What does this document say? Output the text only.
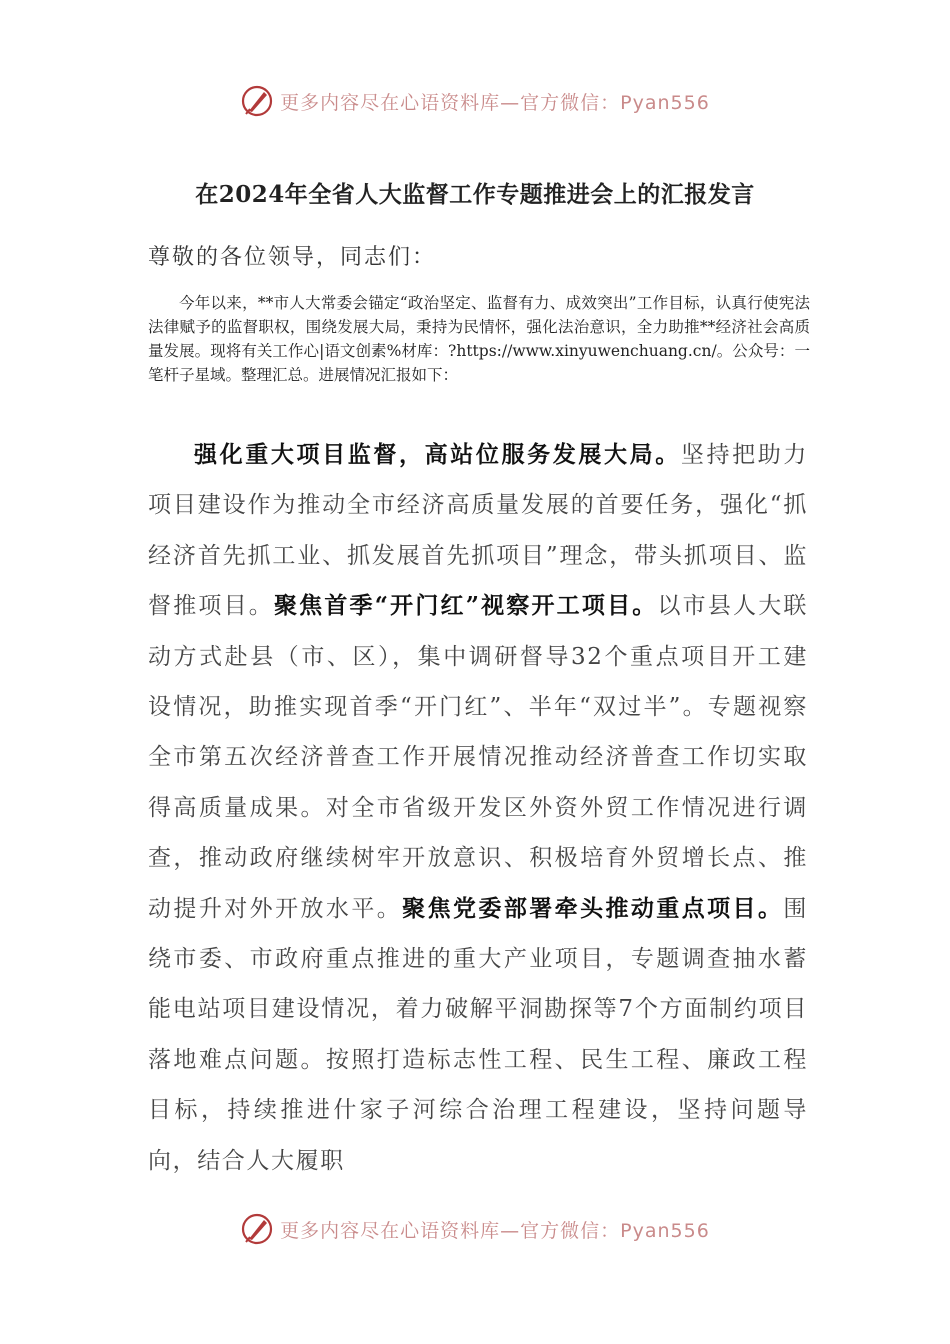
更多内容尽在心语资料库—官方微信：Pyan556
在2024年全省人大监督工作专题推进会上的汇报发言
尊敬的各位领导，同志们：
今年以来，**市人大常委会锚定“政治坚定、监督有力、成效突出”工作目标，认真行使宪法法律赋予的监督职权，围绕发展大局，秉持为民情怀，强化法治意识，全力助推**经济社会高质量发展。现将有关工作心|语文创素%材库：?https://www.xinyuwenchuang.cn/。公众号：一笔杆子星域。整理汇总。进展情况汇报如下：
强化重大项目监督，高站位服务发展大局。坚持把助力项目建设作为推动全市经济高质量发展的首要任务，强化“抓经济首先抓工业、抓发展首先抓项目”理念，带头抓项目、监督推项目。聚焦首季“开门红”视察开工项目。以市县人大联动方式赴县（市、区），集中调研督导32个重点项目开工建设情况，助推实现首季“开门红”、半年“双过半”。专题视察全市第五次经济普查工作开展情况推动经济普查工作切实取得高质量成果。对全市省级开发区外资外贸工作情况进行调查，推动政府继续树牢开放意识、积极培育外贸增长点、推动提升对外开放水平。聚焦党委部署牵头推动重点项目。围绕市委、市政府重点推进的重大产业项目，专题调查抽水蓄能电站项目建设情况，着力破解平洞勘探等7个方面制约项目落地难点问题。按照打造标志性工程、民生工程、廉政工程目标，持续推进什家子河综合治理工程建设，坚持问题导向，结合人大履职
更多内容尽在心语资料库—官方微信：Pyan556
